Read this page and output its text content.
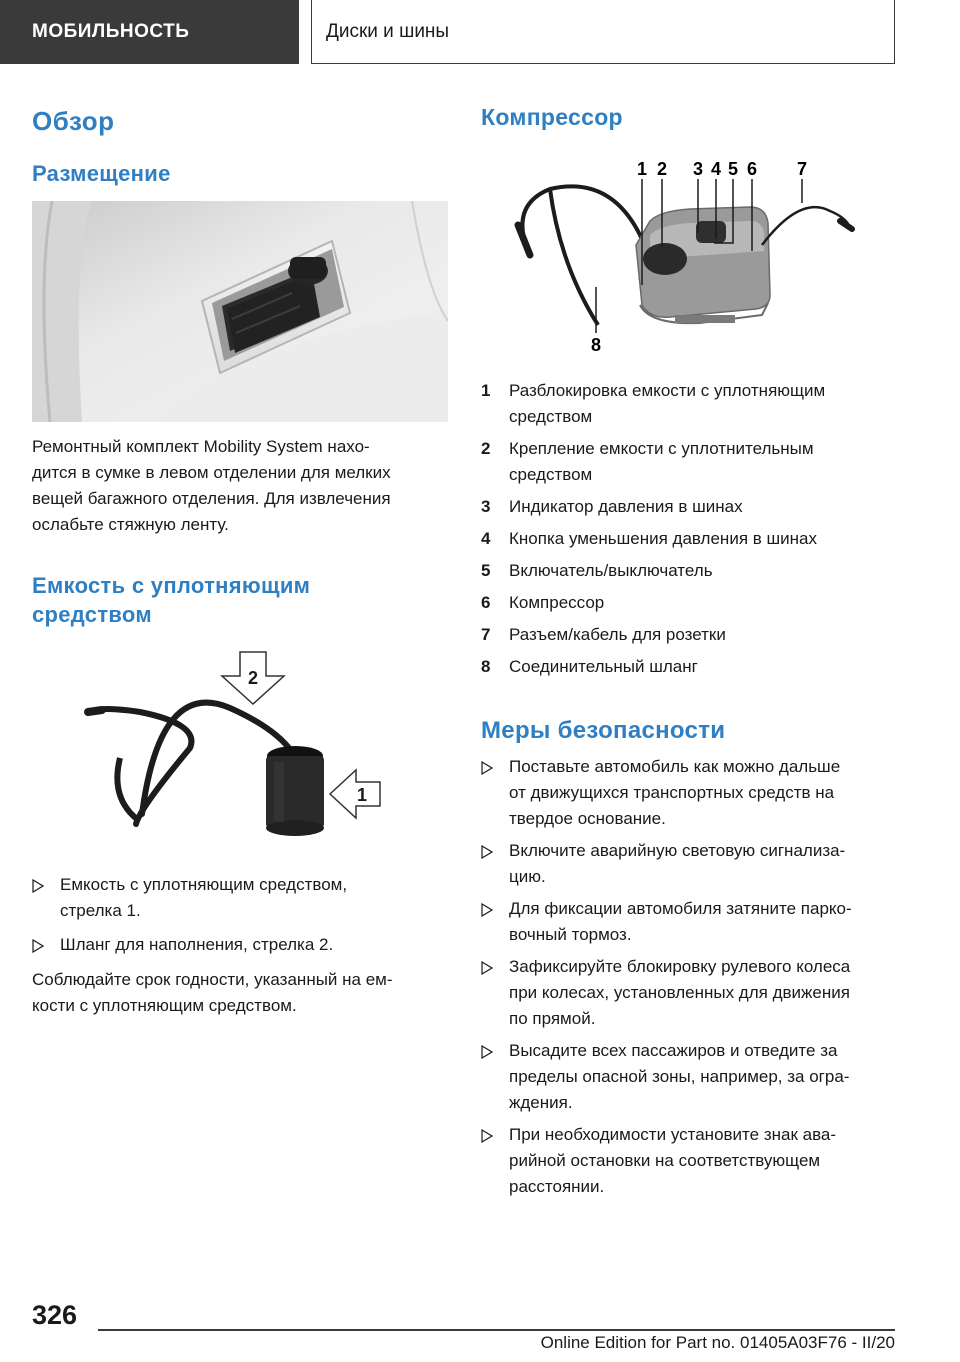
МОБИЛЬНОСТЬ	Диски и шины
Обзор
Размещение

Ремонтный комплект Mobility System нахо-

дится в сумке в левом отделении для мелких

вещей багажного отделения. Для извлечения

ослабьте стяжную ленту.

Емкость с уплотняющим
средством
2
1
Емкость с уплотняющим средством,
стрелка 1.
Шланг для наполнения, стрелка 2.

Соблюдайте срок годности, указанный на ем-

кости с уплотняющим средством.

Компрессор
1 2 3 4 5 6 7
8
1	Разблокировка емкости с уплотняющим
средством
2	Крепление емкости с уплотнительным
средством
3	Индикатор давления в шинах
4	Кнопка уменьшения давления в шинах
5	Включатель/выключатель
6	Компрессор
7	Разъем/кабель для розетки
8	Соединительный шланг
Меры безопасности
Поставьте автомобиль как можно дальше
от движущихся транспортных средств на
твердое основание.
Включите аварийную световую сигнализа-
цию.
Для фиксации автомобиля затяните парко-
вочный тормоз.
Зафиксируйте блокировку рулевого колеса
при колесах, установленных для движения
по прямой.
Высадите всех пассажиров и отведите за
пределы опасной зоны, например, за огра-
ждения.
При необходимости установите знак ава-
рийной остановки на соответствующем
расстоянии.
326
Online Edition for Part no. 01405A03F76 - II/20
